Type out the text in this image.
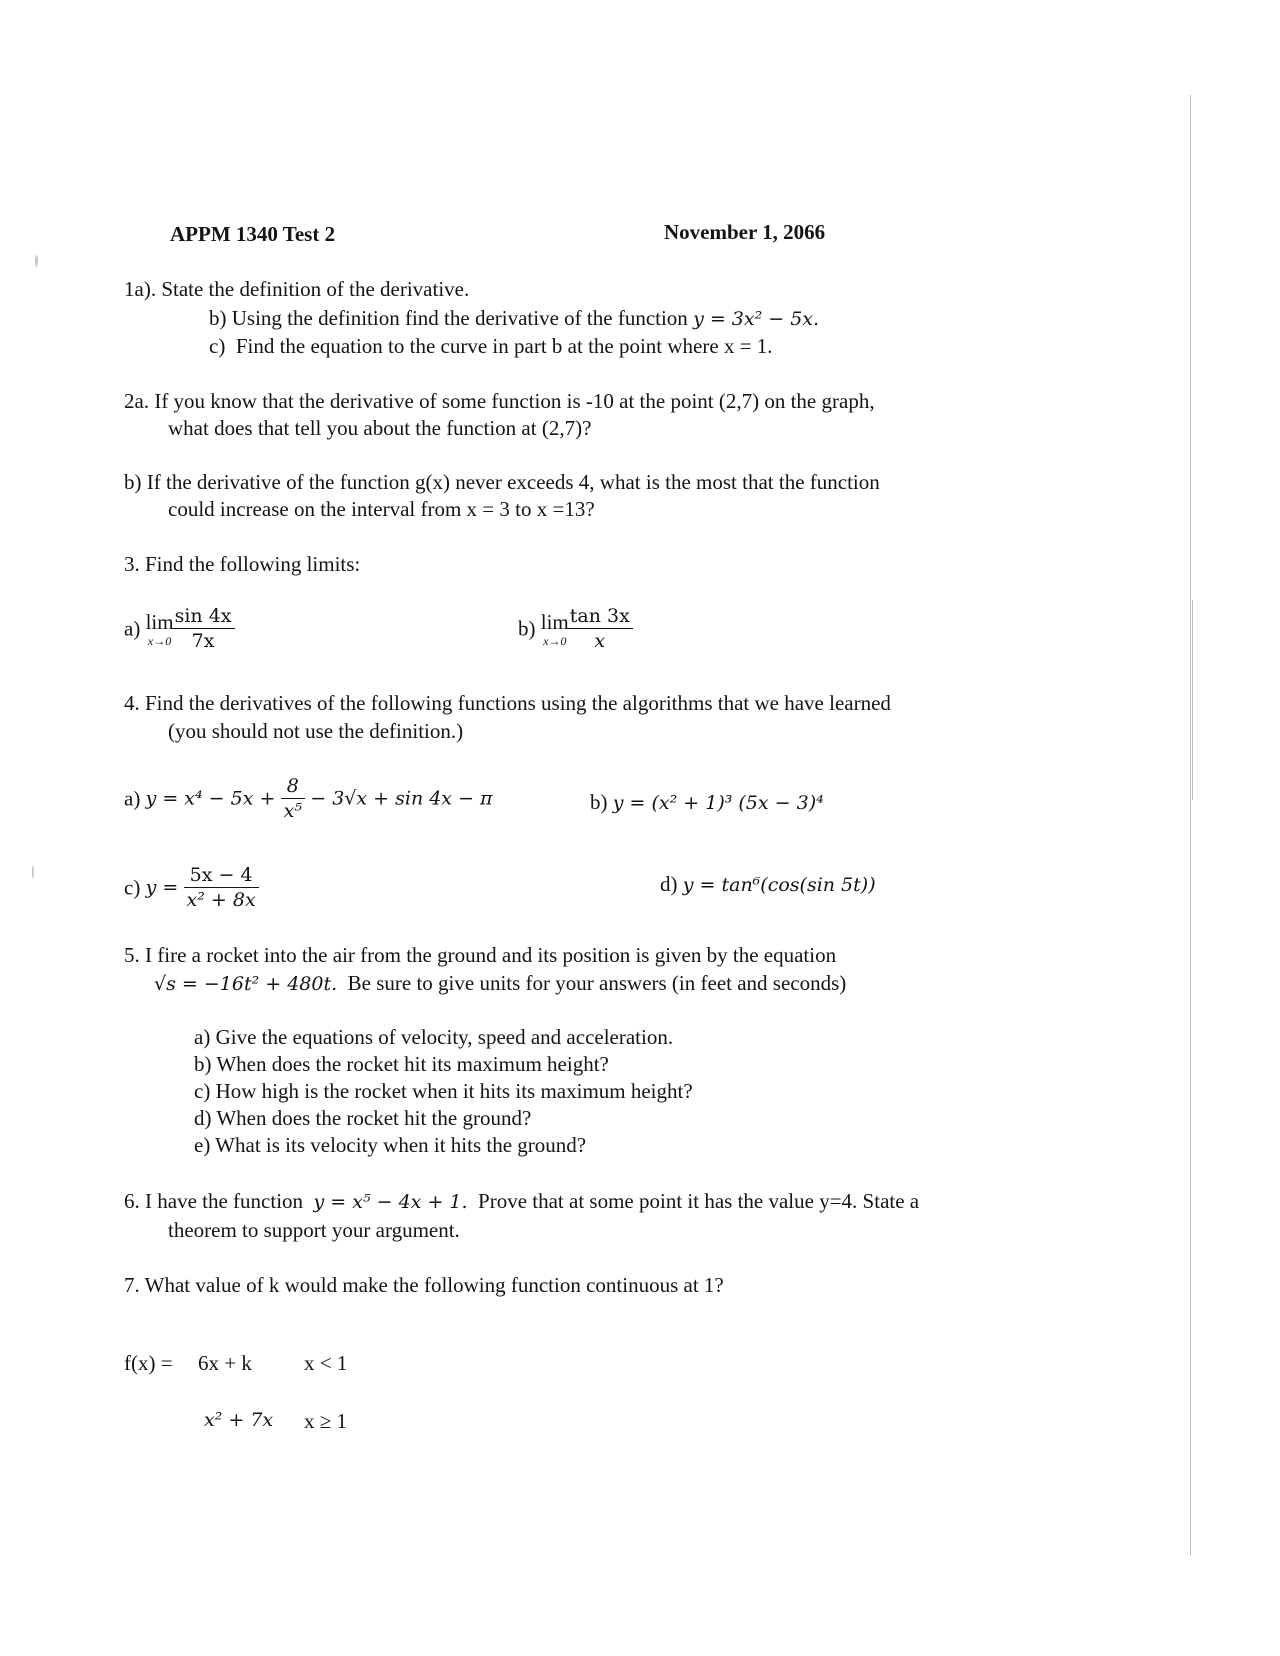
APPM 1340 Test 2	November 1, 2066
1a). State the definition of the derivative.
b) Using the definition find the derivative of the function y = 3x² − 5x.
c) Find the equation to the curve in part b at the point where x = 1.
2a. If you know that the derivative of some function is -10 at the point (2,7) on the graph,
what does that tell you about the function at (2,7)?
b) If the derivative of the function g(x) never exceeds 4, what is the most that the function
could increase on the interval from x = 3 to x =13?
3. Find the following limits:
a) lim
$x\to 0 \frac{\sin 4x}{7x}$	b) lim
$x\to 0 \frac{\tan 3x}{x}$
4. Find the derivatives of the following functions using the algorithms that we have learned
(you should not use the definition.)
a) $y = x^4 - 5x + \frac{8}{\text{x⁵}} - 3√x + \sin 4x - \pi$	b) y = (x² + 1)³ (5x − 3)⁴
c) $y = \frac{5x - 4}{\text{x² + 8x}}$	d) y = tan⁶(cos(sin 5t))
5. I fire a rocket into the air from the ground and its position is given by the equation
√s = −16t² + 480t. Be sure to give units for your answers (in feet and seconds)
a) Give the equations of velocity, speed and acceleration.
b) When does the rocket hit its maximum height?
c) How high is the rocket when it hits its maximum height?
d) When does the rocket hit the ground?
e) What is its velocity when it hits the ground?
6. I have the function y = x⁵ − 4x + 1. Prove that at some point it has the value y=4. State a
theorem to support your argument.
7. What value of k would make the following function continuous at 1?
f(x) = 6x + k x < 1
x² + 7x x ≥ 1
